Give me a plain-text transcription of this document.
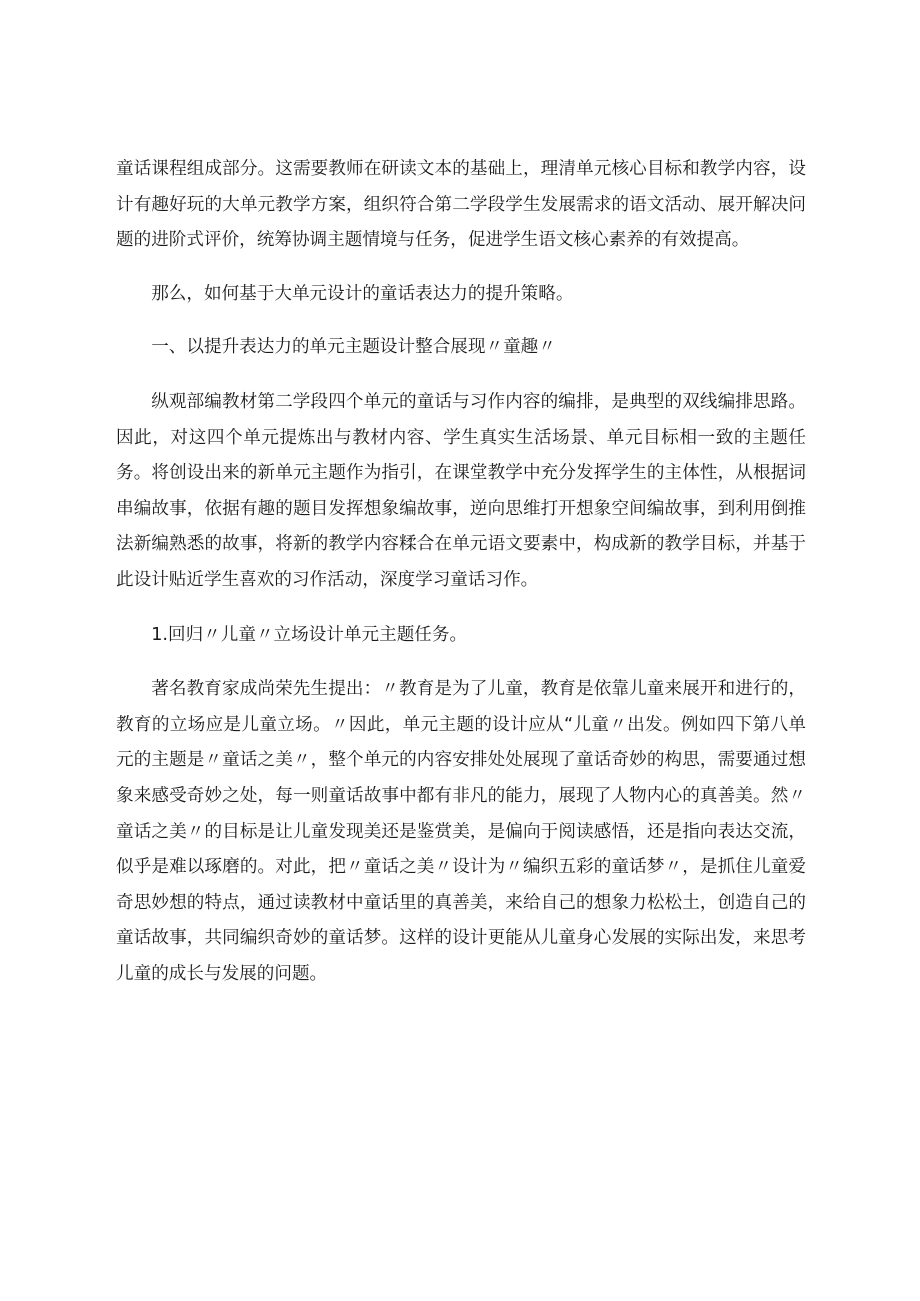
童话课程组成部分。这需要教师在研读文本的基础上，理清单元核心目标和教学内容，设计有趣好玩的大单元教学方案，组织符合第二学段学生发展需求的语文活动、展开解决问题的进阶式评价，统筹协调主题情境与任务，促进学生语文核心素养的有效提高。

那么，如何基于大单元设计的童话表达力的提升策略。

一、以提升表达力的单元主题设计整合展现〃童趣〃

纵观部编教材第二学段四个单元的童话与习作内容的编排，是典型的双线编排思路。因此，对这四个单元提炼出与教材内容、学生真实生活场景、单元目标相一致的主题任务。将创设出来的新单元主题作为指引，在课堂教学中充分发挥学生的主体性，从根据词串编故事，依据有趣的题目发挥想象编故事，逆向思维打开想象空间编故事，到利用倒推法新编熟悉的故事，将新的教学内容糅合在单元语文要素中，构成新的教学目标，并基于此设计贴近学生喜欢的习作活动，深度学习童话习作。

1.回归〃儿童〃立场设计单元主题任务。

著名教育家成尚荣先生提出：〃教育是为了儿童，教育是依靠儿童来展开和进行的，教育的立场应是儿童立场。〃因此，单元主题的设计应从“儿童〃出发。例如四下第八单元的主题是〃童话之美〃，整个单元的内容安排处处展现了童话奇妙的构思，需要通过想象来感受奇妙之处，每一则童话故事中都有非凡的能力，展现了人物内心的真善美。然〃童话之美〃的目标是让儿童发现美还是鉴赏美，是偏向于阅读感悟，还是指向表达交流，似乎是难以琢磨的。对此，把〃童话之美〃设计为〃编织五彩的童话梦〃，是抓住儿童爱奇思妙想的特点，通过读教材中童话里的真善美，来给自己的想象力松松土，创造自己的童话故事，共同编织奇妙的童话梦。这样的设计更能从儿童身心发展的实际出发，来思考儿童的成长与发展的问题。
